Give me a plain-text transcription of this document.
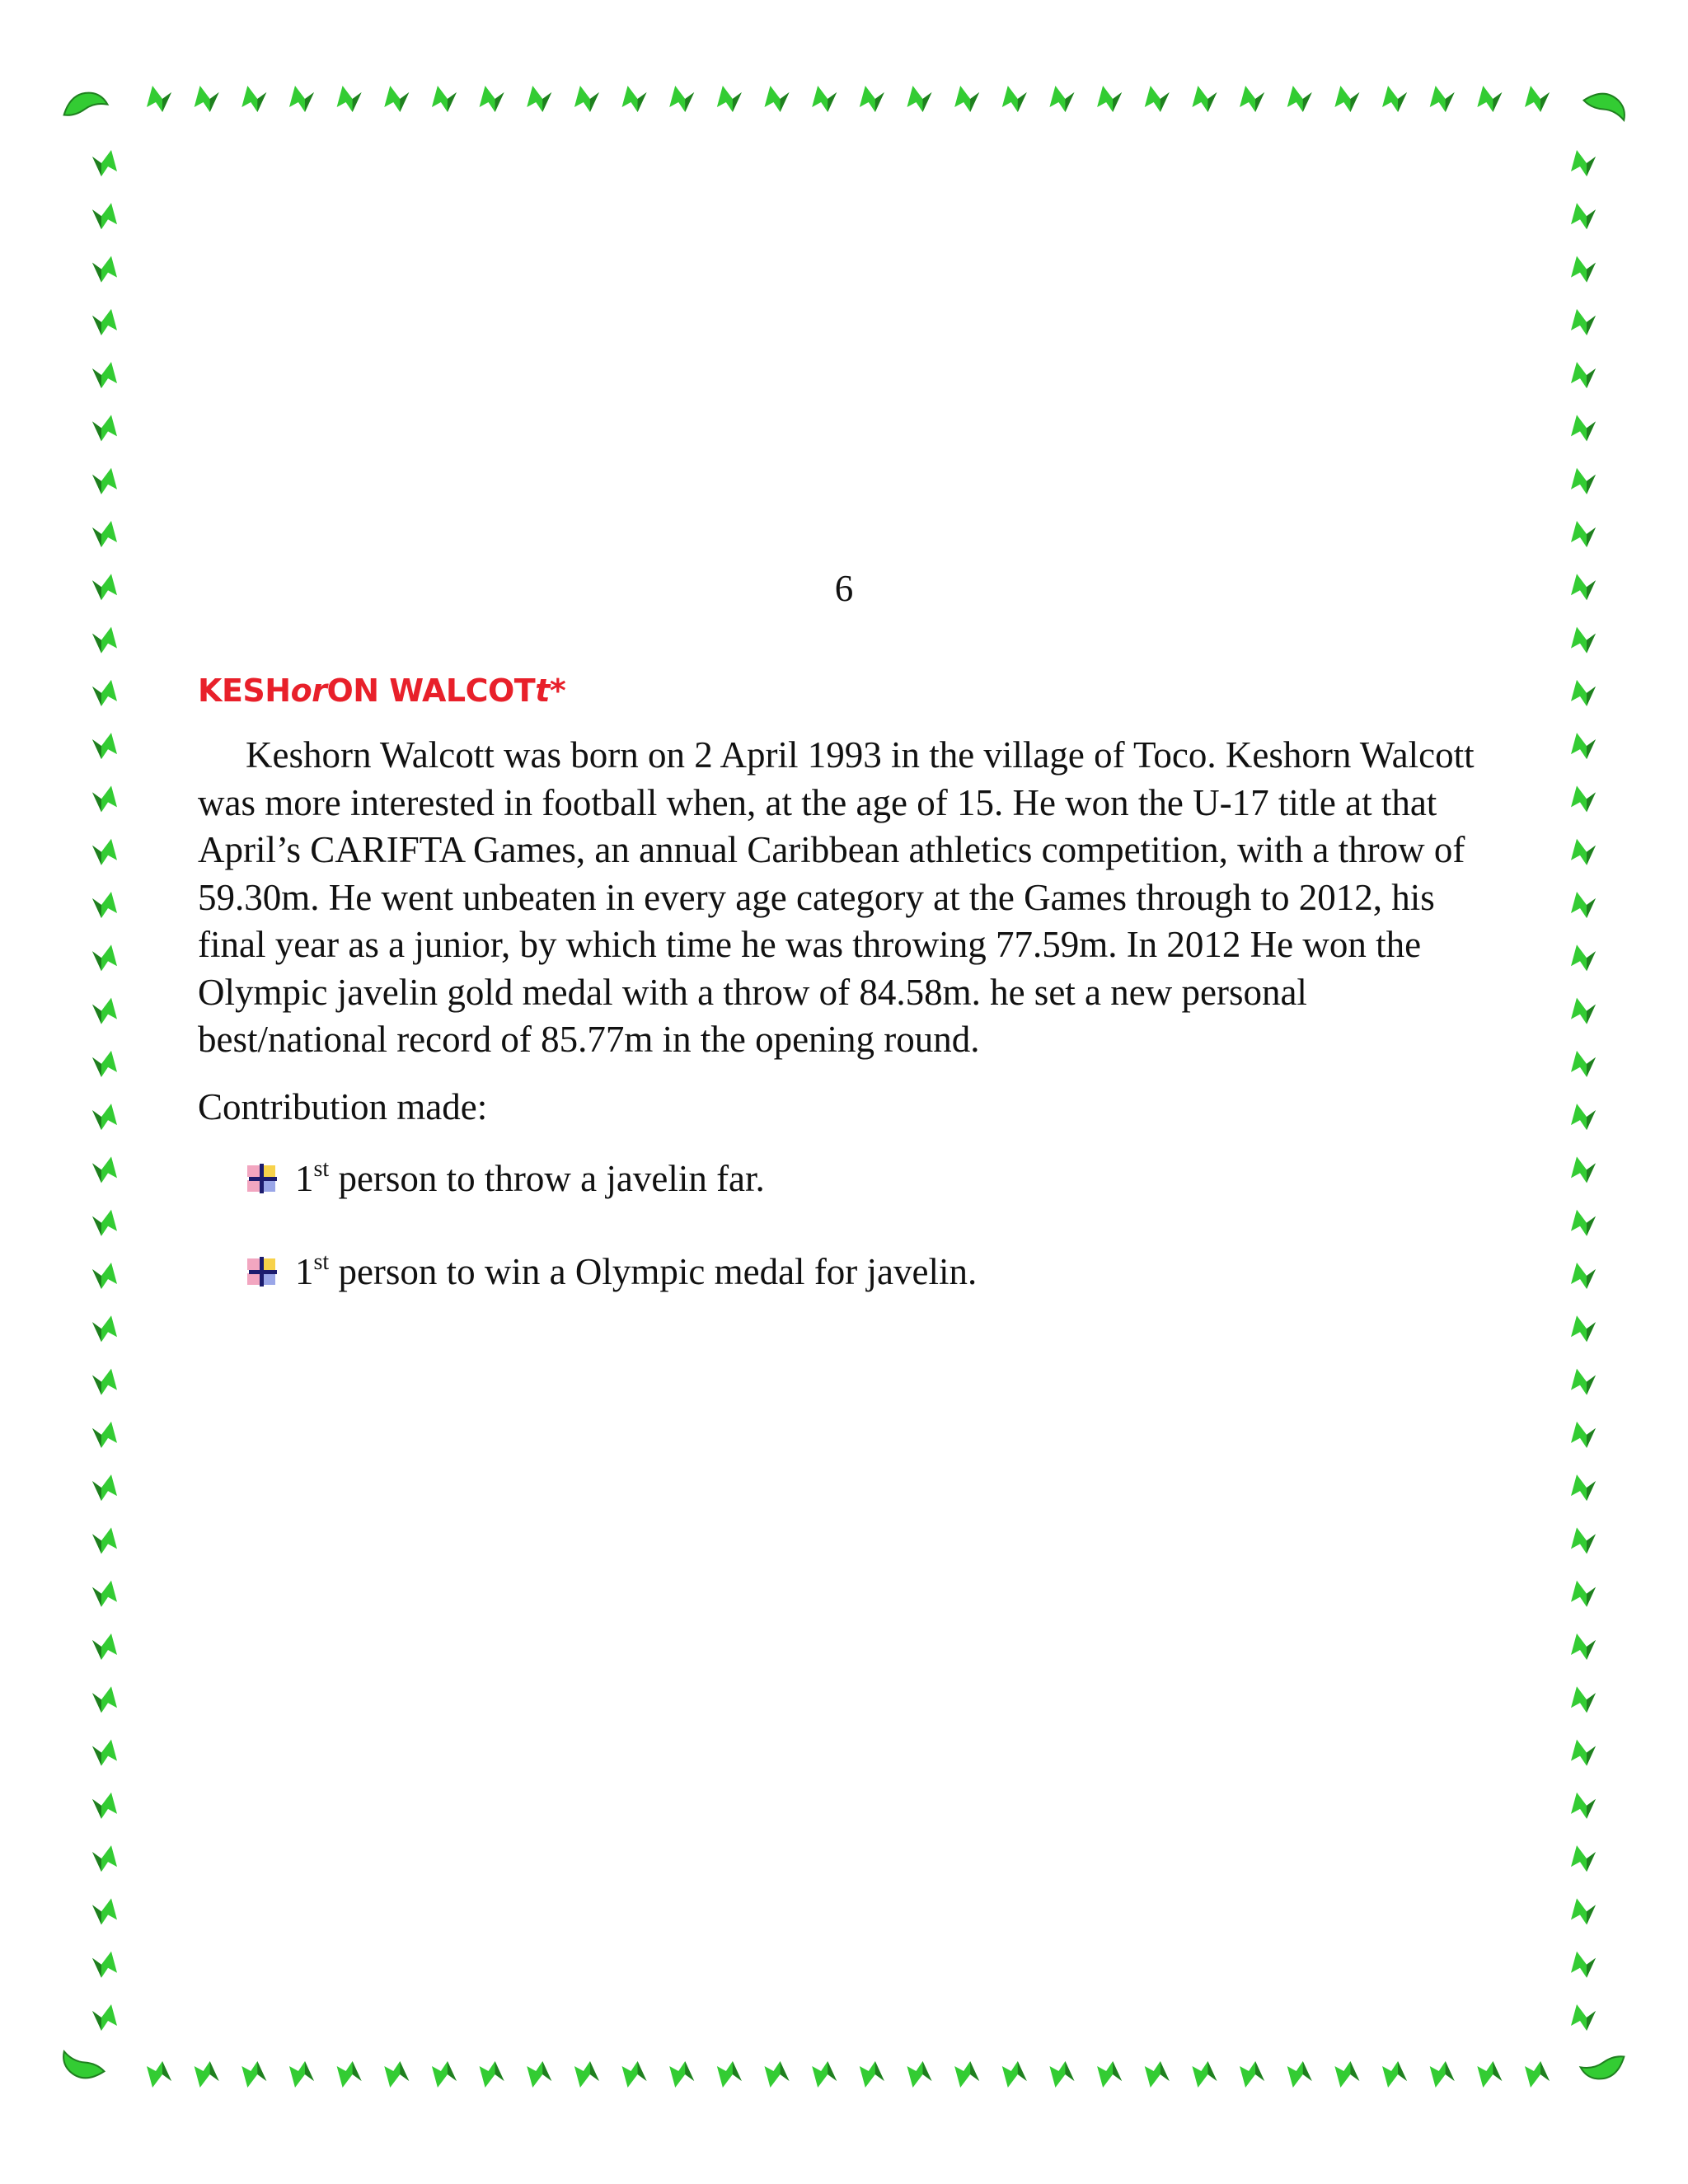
6
KESHorON WALCOTt*

Keshorn Walcott was born on 2 April 1993 in the village of Toco. Keshorn Walcott was more interested in football when, at the age of 15. He won the U-17 title at that April’s CARIFTA Games, an annual Caribbean athletics competition, with a throw of 59.30m. He went unbeaten in every age category at the Games through to 2012, his final year as a junior, by which time he was throwing 77.59m. In 2012 He won the Olympic javelin gold medal with a throw of 84.58m. he set a new personal best/national record of 85.77m in the opening round.

Contribution made:

1st person to throw a javelin far.
1st person to win a Olympic medal for javelin.
